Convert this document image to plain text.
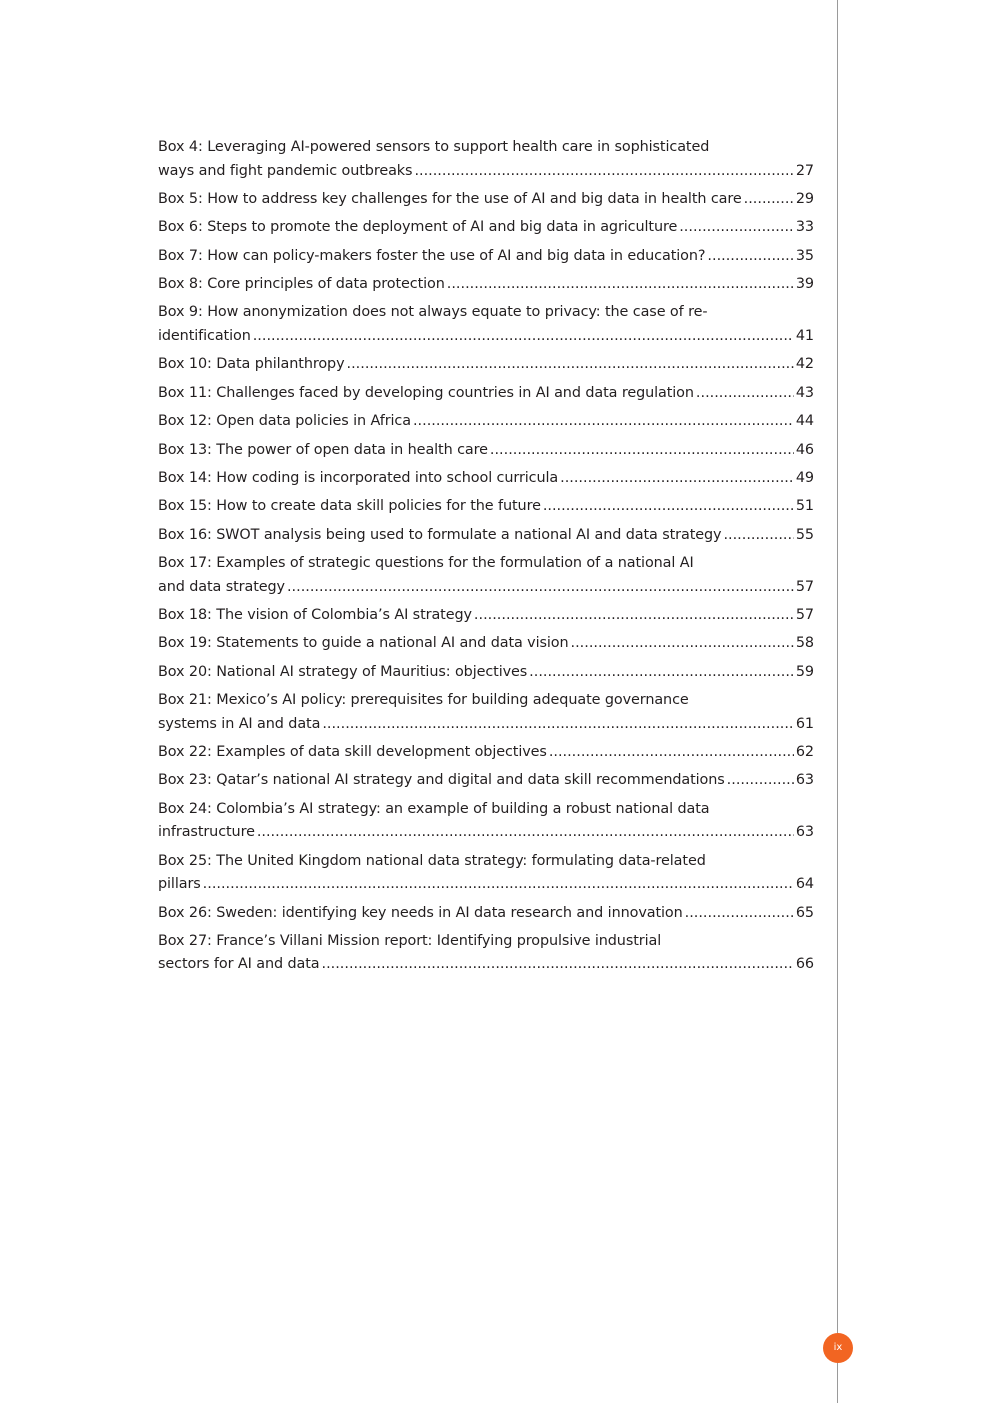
Box 4: Leveraging AI-powered sensors to support health care in sophisticated
ways and fight pandemic outbreaks .....	27
Box 5: How to address key challenges for the use of AI and big data in health care .....	29
Box 6: Steps to promote the deployment of AI and big data in agriculture .....	33
Box 7: How can policy-makers foster the use of AI and big data in education? .....	35
Box 8: Core principles of data protection .....	39
Box 9: How anonymization does not always equate to privacy: the case of re-
identification .....	41
Box 10: Data philanthropy .....	42
Box 11: Challenges faced by developing countries in AI and data regulation .....	43
Box 12: Open data policies in Africa .....	44
Box 13: The power of open data in health care .....	46
Box 14: How coding is incorporated into school curricula .....	49
Box 15: How to create data skill policies for the future .....	51
Box 16: SWOT analysis being used to formulate a national AI and data strategy .....	55
Box 17: Examples of strategic questions for the formulation of a national AI
and data strategy .....	57
Box 18: The vision of Colombia’s AI strategy .....	57
Box 19: Statements to guide a national AI and data vision .....	58
Box 20: National AI strategy of Mauritius: objectives .....	59
Box 21: Mexico’s AI policy: prerequisites for building adequate governance
systems in AI and data .....	61
Box 22: Examples of data skill development objectives .....	62
Box 23: Qatar’s national AI strategy and digital and data skill recommendations .....	63
Box 24: Colombia’s AI strategy: an example of building a robust national data
infrastructure .....	63
Box 25: The United Kingdom national data strategy: formulating data-related
pillars .....	64
Box 26: Sweden: identifying key needs in AI data research and innovation .....	65
Box 27: France’s Villani Mission report: Identifying propulsive industrial
sectors for AI and data .....	66
ix
